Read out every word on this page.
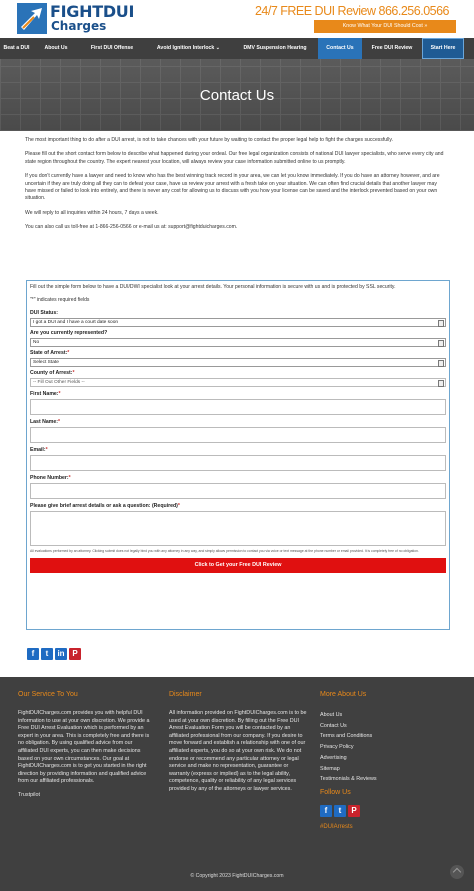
FIGHTDUI
Charges
24/7 FREE DUI Review 866.256.0566
Know What Your DUI Should Cost »
Beat a DUI	About Us	First DUI Offense	Avoid Ignition Interlock ⌄	DMV Suspension Hearing	Contact Us	Free DUI Review	Start Here
Contact Us

The most important thing to do after a DUI arrest, is not to take chances with your future by waiting to contact the proper legal help to fight the charges successfully.

Please fill out the short contact form below to describe what happened during your ordeal. Our free legal organization consists of national DUI lawyer specialists, who serve every city and state region throughout the country. The expert nearest your location, will always review your case information submitted online to us promptly.

If you don't currently have a lawyer and need to know who has the best winning track record in your area, we can let you know immediately. If you do have an attorney however, and are uncertain if they are truly doing all they can to defeat your case, have us review your arrest with a fresh take on your situation. We can often find crucial details that another lawyer may have missed or failed to look into entirely, and there is never any cost for allowing us to discuss with you how your license can be saved and the interlock prevented based on your own situation.

We will reply to all inquiries within 24 hours, 7 days a week.

You can also call us toll-free at 1-866-256-0566 or e-mail us at: support@fightduicharges.com.

Fill out the simple form below to have a DUI/DWI specialist look at your arrest details. Your personal information is secure with us and is protected by SSL security.
"*" indicates required fields
DUI Status:
I got a DUI and I have a court date soon
Are you currently represented?
No
State of Arrest:*
Select State
County of Arrest:*
-- Fill Out Other Fields --
First Name:*
Last Name:*
Email:*
Phone Number:*
Please give brief arrest details or ask a question: (Required)*
All evaluations performed by an attorney. Clicking submit does not legally bind you with any attorney in any way, and simply allows permission to contact you via voice or text message at the phone number or email provided. It is completely free of no obligation.
Click to Get your Free DUI Review
f	t	in P
Our Service To You

FightDUICharges.com provides you with helpful DUI information to use at your own discretion. We provide a Free DUI Arrest Evaluation which is performed by an expert in your area. This is completely free and there is no obligation. By using qualified advice from our affiliated DUI experts, you can then make decisions based on your own circumstances. Our goal at FightDUICharges.com is to get you started in the right direction by providing information and qualified advice from our affiliated professionals.

Trustpilot

Disclaimer

All information provided on FightDUICharges.com is to be used at your own discretion. By filling out the Free DUI Arrest Evaluation Form you will be contacted by an affiliated professional from our company. If you desire to move forward and establish a relationship with one of our affiliated experts, you do so at your own risk. We do not endorse or recommend any particular attorney or legal service and make no representation, guarantee or warranty (express or implied) as to the legal ability, competence, quality or reliability of any legal services provided by any of the attorneys or lawyer services.

More About Us
About Us
Contact Us
Terms and Conditions
Privacy Policy
Advertising
Sitemap
Testimonials & Reviews
Follow Us
f	t	P
#DUIArrests
© Copyright 2023 FightDUICharges.com
